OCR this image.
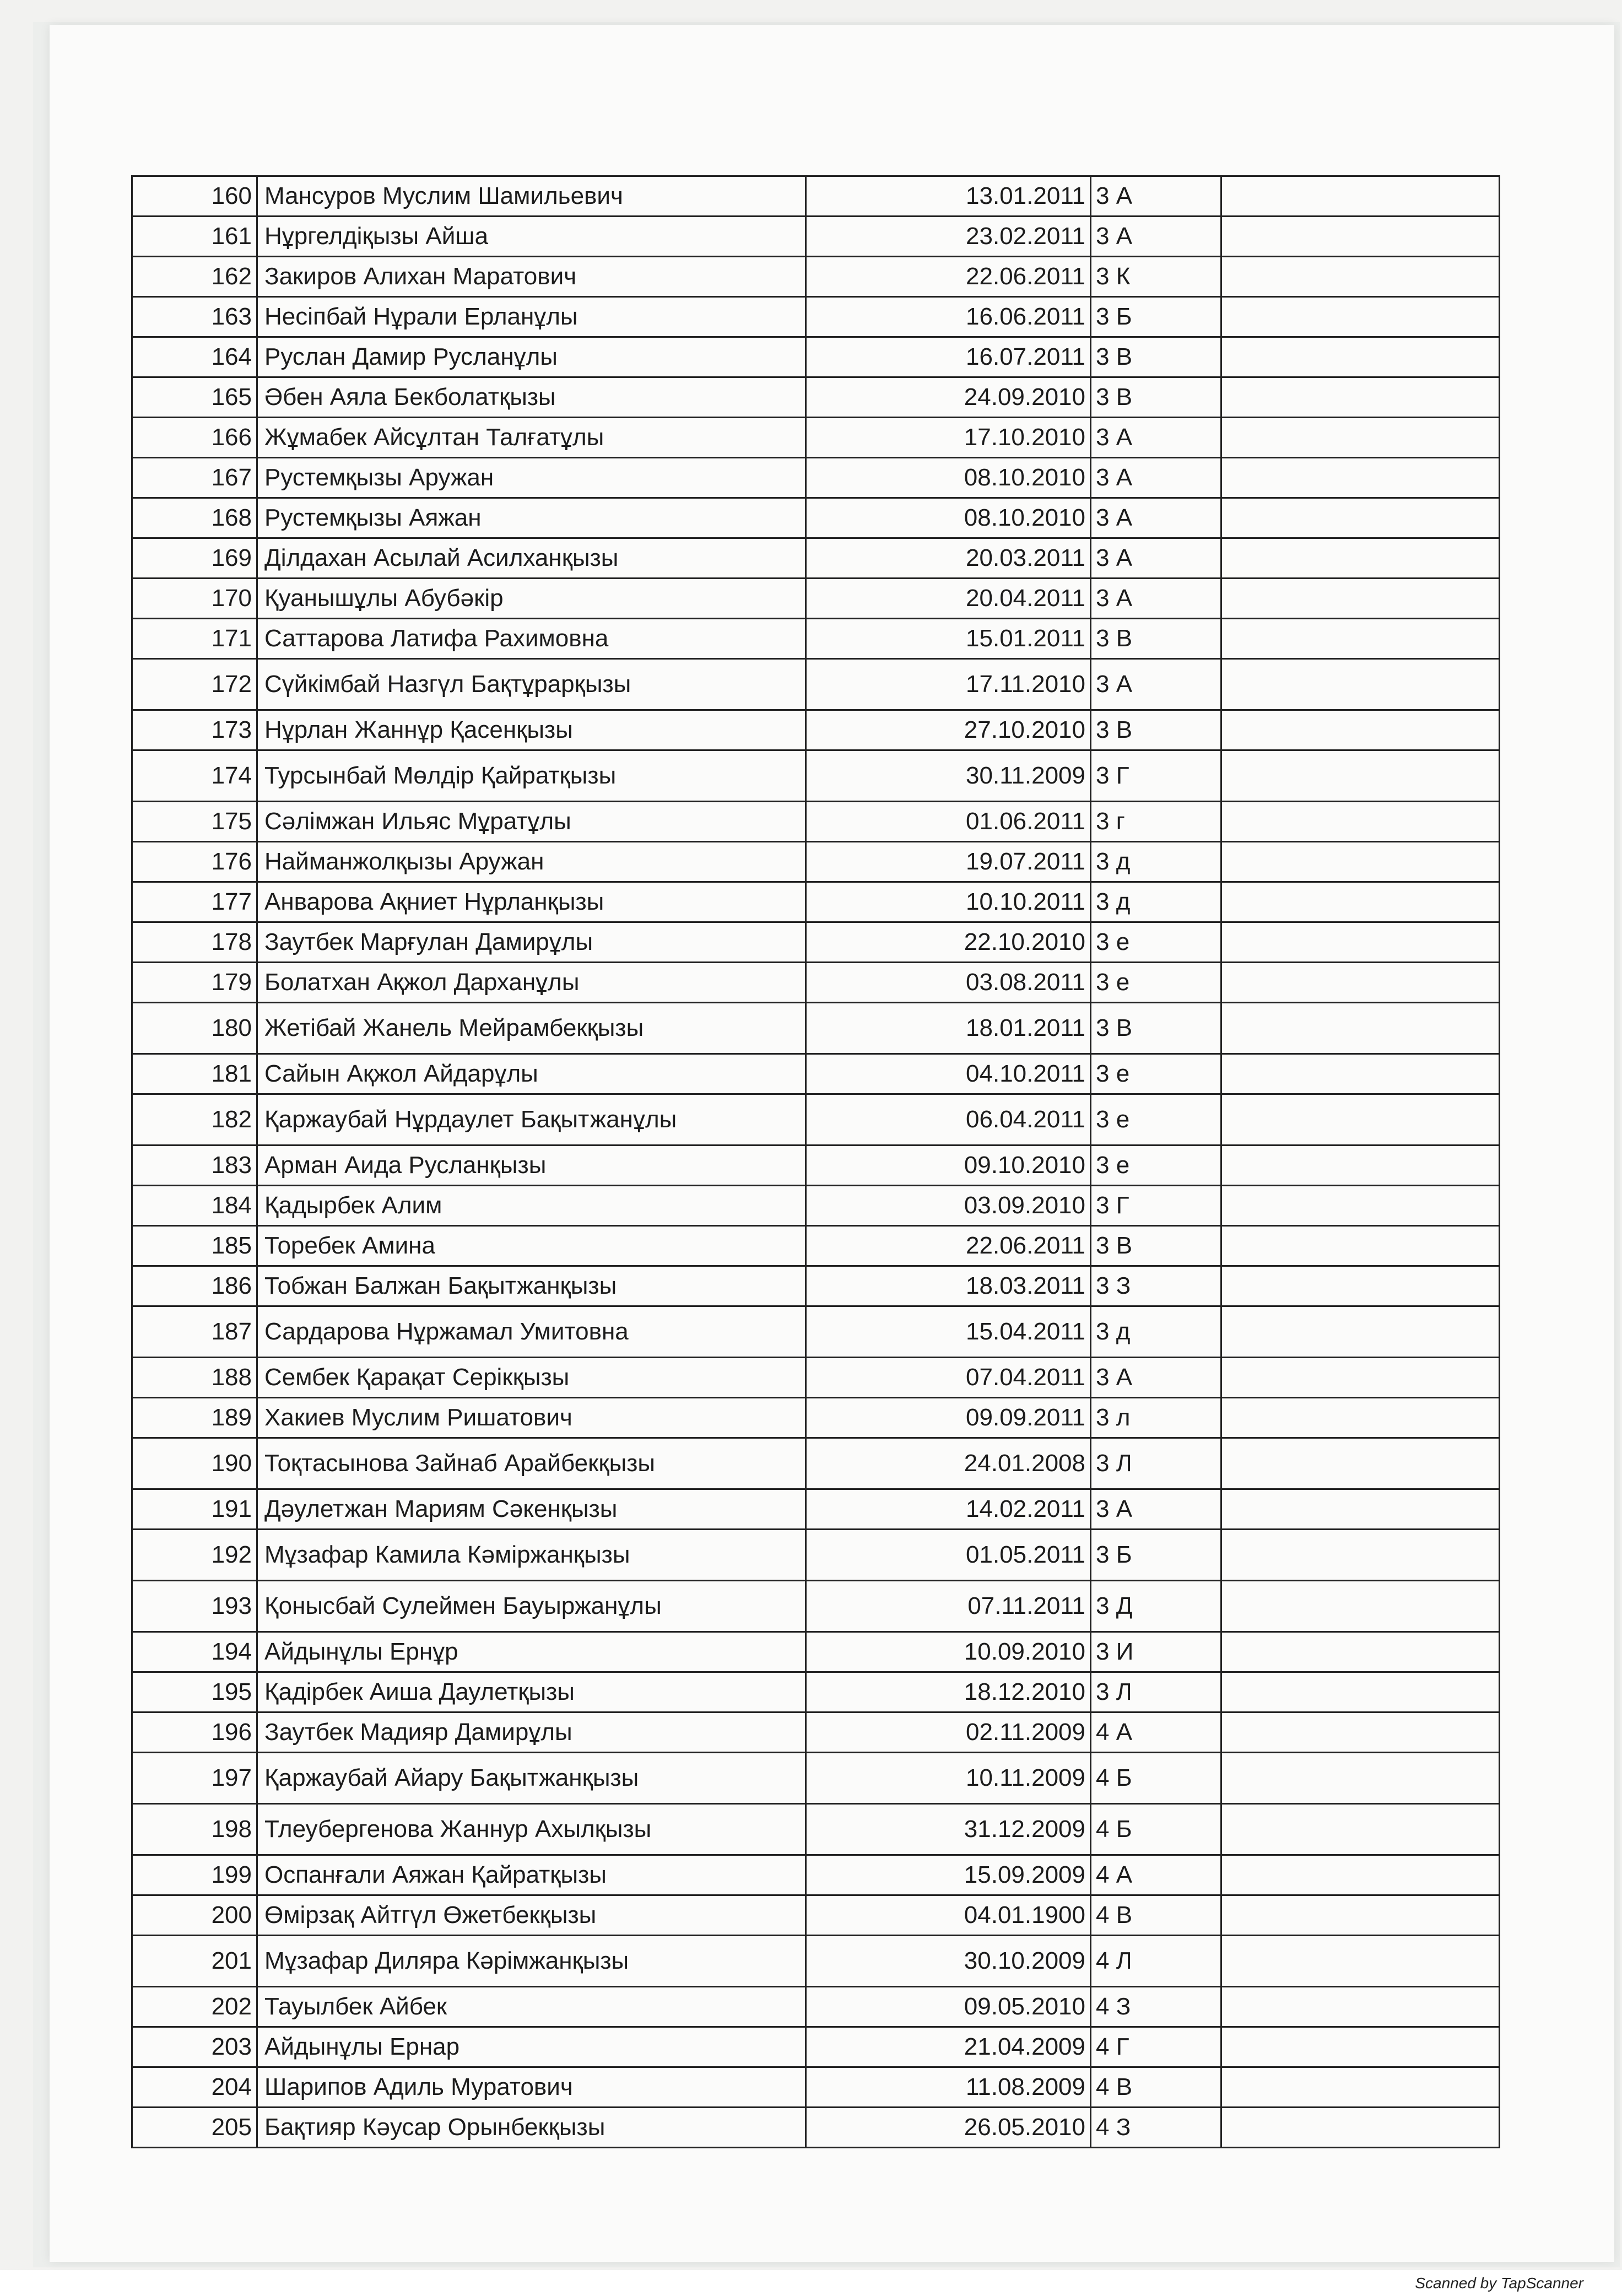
160	Мансуров Муслим Шамильевич	13.01.2011	3 А	
161	Нұргелдіқызы Айша	23.02.2011	3 А	
162	Закиров Алихан Маратович	22.06.2011	3 К	
163	Несіпбай Нұрали Ерланұлы	16.06.2011	3 Б	
164	Руслан Дамир Русланұлы	16.07.2011	3 В	
165	Әбен Аяла Бекболатқызы	24.09.2010	3 В	
166	Жұмабек Айсұлтан Талғатұлы	17.10.2010	3 А	
167	Рустемқызы Аружан	08.10.2010	3 А	
168	Рустемқызы Аяжан	08.10.2010	3 А	
169	Ділдахан Асылай Асилханқызы	20.03.2011	3 А	
170	Қуанышұлы Абубәкір	20.04.2011	3 А	
171	Саттарова Латифа Рахимовна	15.01.2011	3 В	
172	Сүйкімбай Назгүл Бақтұрарқызы	17.11.2010	3 А	
173	Нұрлан Жаннұр Қасенқызы	27.10.2010	3 В	
174	Турсынбай Мөлдір Қайратқызы	30.11.2009	3 Г	
175	Сәлімжан Ильяс Мұратұлы	01.06.2011	3 г	
176	Найманжолқызы Аружан	19.07.2011	3 д	
177	Анварова Ақниет Нұрланқызы	10.10.2011	3 д	
178	Заутбек Марғулан Дамирұлы	22.10.2010	3 е	
179	Болатхан Ақжол Дарханұлы	03.08.2011	3 е	
180	Жетібай Жанель Мейрамбекқызы	18.01.2011	3 В	
181	Сайын Ақжол Айдарұлы	04.10.2011	3 е	
182	Қаржаубай Нұрдаулет Бақытжанұлы	06.04.2011	3 е	
183	Арман Аида Русланқызы	09.10.2010	3 е	
184	Қадырбек Алим	03.09.2010	3 Г	
185	Торебек Амина	22.06.2011	3 В	
186	Тобжан Балжан Бақытжанқызы	18.03.2011	3 З	
187	Сардарова Нұржамал Умитовна	15.04.2011	3 д	
188	Сембек Қарақат Серікқызы	07.04.2011	3 А	
189	Хакиев Муслим Ришатович	09.09.2011	3 л	
190	Тоқтасынова Зайнаб Арайбекқызы	24.01.2008	3 Л	
191	Дәулетжан Мариям Сәкенқызы	14.02.2011	3 А	
192	Мұзафар Камила Кәміржанқызы	01.05.2011	3 Б	
193	Қонысбай Сулеймен Бауыржанұлы	07.11.2011	3 Д	
194	Айдынұлы Ернұр	10.09.2010	3 И	
195	Қадірбек Аиша Даулетқызы	18.12.2010	3 Л	
196	Заутбек Мадияр Дамирұлы	02.11.2009	4 А	
197	Қаржаубай Айару Бақытжанқызы	10.11.2009	4 Б	
198	Тлеубергенова Жаннур Ахылқызы	31.12.2009	4 Б	
199	Оспанғали Аяжан Қайратқызы	15.09.2009	4 А	
200	Өмірзақ Айтгүл Өжетбекқызы	04.01.1900	4 В	
201	Мұзафар Диляра Кәрімжанқызы	30.10.2009	4 Л	
202	Тауылбек Айбек	09.05.2010	4 З	
203	Айдынұлы Ернар	21.04.2009	4 Г	
204	Шарипов Адиль Муратович	11.08.2009	4 В	
205	Бақтияр Кәусар Орынбекқызы	26.05.2010	4 З	
Scanned by TapScanner
